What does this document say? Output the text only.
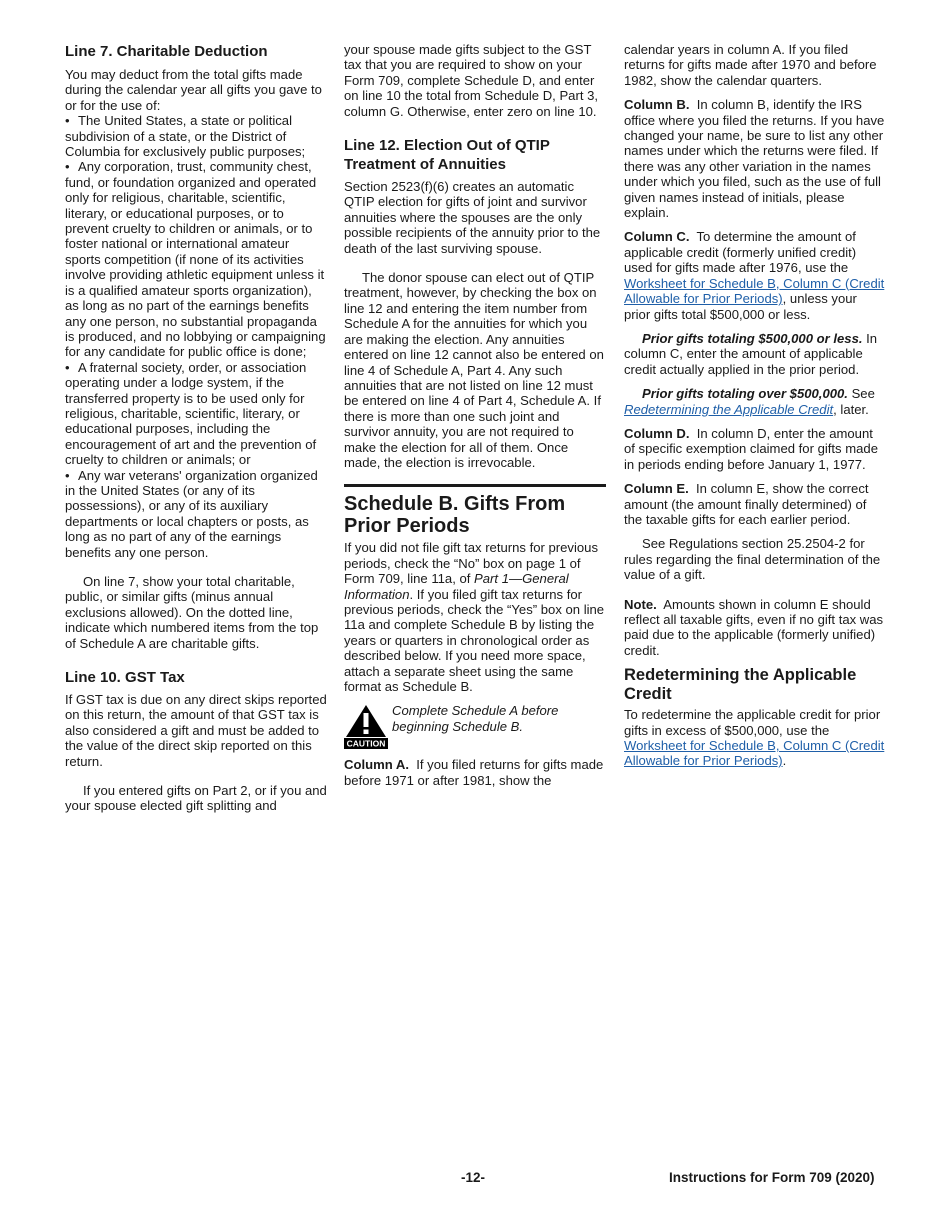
Line 7. Charitable Deduction

You may deduct from the total gifts made during the calendar year all gifts you gave to or for the use of:

• The United States, a state or political subdivision of a state, or the District of Columbia for exclusively public purposes;
• Any corporation, trust, community chest, fund, or foundation organized and operated only for religious, charitable, scientific, literary, or educational purposes, or to prevent cruelty to children or animals, or to foster national or international amateur sports competition (if none of its activities involve providing athletic equipment unless it is a qualified amateur sports organization), as long as no part of the earnings benefits any one person, no substantial propaganda is produced, and no lobbying or campaigning for any candidate for public office is done;
• A fraternal society, order, or association operating under a lodge system, if the transferred property is to be used only for religious, charitable, scientific, literary, or educational purposes, including the encouragement of art and the prevention of cruelty to children or animals; or
• Any war veterans' organization organized in the United States (or any of its possessions), or any of its auxiliary departments or local chapters or posts, as long as no part of any of the earnings benefits any one person.

On line 7, show your total charitable, public, or similar gifts (minus annual exclusions allowed). On the dotted line, indicate which numbered items from the top of Schedule A are charitable gifts.

Line 10. GST Tax

If GST tax is due on any direct skips reported on this return, the amount of that GST tax is also considered a gift and must be added to the value of the direct skip reported on this return.

If you entered gifts on Part 2, or if you and your spouse elected gift splitting and

your spouse made gifts subject to the GST tax that you are required to show on your Form 709, complete Schedule D, and enter on line 10 the total from Schedule D, Part 3, column G. Otherwise, enter zero on line 10.

Line 12. Election Out of QTIP Treatment of Annuities

Section 2523(f)(6) creates an automatic QTIP election for gifts of joint and survivor annuities where the spouses are the only possible recipients of the annuity prior to the death of the last surviving spouse.

The donor spouse can elect out of QTIP treatment, however, by checking the box on line 12 and entering the item number from Schedule A for the annuities for which you are making the election. Any annuities entered on line 12 cannot also be entered on line 4 of Schedule A, Part 4. Any such annuities that are not listed on line 12 must be entered on line 4 of Part 4, Schedule A. If there is more than one such joint and survivor annuity, you are not required to make the election for all of them. Once made, the election is irrevocable.

Schedule B. Gifts From Prior Periods

If you did not file gift tax returns for previous periods, check the “No” box on page 1 of Form 709, line 11a, of Part 1—General Information. If you filed gift tax returns for previous periods, check the “Yes” box on line 11a and complete Schedule B by listing the years or quarters in chronological order as described below. If you need more space, attach a separate sheet using the same format as Schedule B.

CAUTION
Complete Schedule A before beginning Schedule B.

Column A. If you filed returns for gifts made before 1971 or after 1981, show the

calendar years in column A. If you filed returns for gifts made after 1970 and before 1982, show the calendar quarters.

Column B. In column B, identify the IRS office where you filed the returns. If you have changed your name, be sure to list any other names under which the returns were filed. If there was any other variation in the names under which you filed, such as the use of full given names instead of initials, please explain.

Column C. To determine the amount of applicable credit (formerly unified credit) used for gifts made after 1976, use the Worksheet for Schedule B, Column C (Credit Allowable for Prior Periods), unless your prior gifts total $500,000 or less.

Prior gifts totaling $500,000 or less. In column C, enter the amount of applicable credit actually applied in the prior period.

Prior gifts totaling over $500,000. See Redetermining the Applicable Credit, later.

Column D. In column D, enter the amount of specific exemption claimed for gifts made in periods ending before January 1, 1977.

Column E. In column E, show the correct amount (the amount finally determined) of the taxable gifts for each earlier period.

See Regulations section 25.2504-2 for rules regarding the final determination of the value of a gift.

Note. Amounts shown in column E should reflect all taxable gifts, even if no gift tax was paid due to the applicable (formerly unified) credit.

Redetermining the Applicable Credit

To redetermine the applicable credit for prior gifts in excess of $500,000, use the Worksheet for Schedule B, Column C (Credit Allowable for Prior Periods).

-12-	Instructions for Form 709 (2020)
